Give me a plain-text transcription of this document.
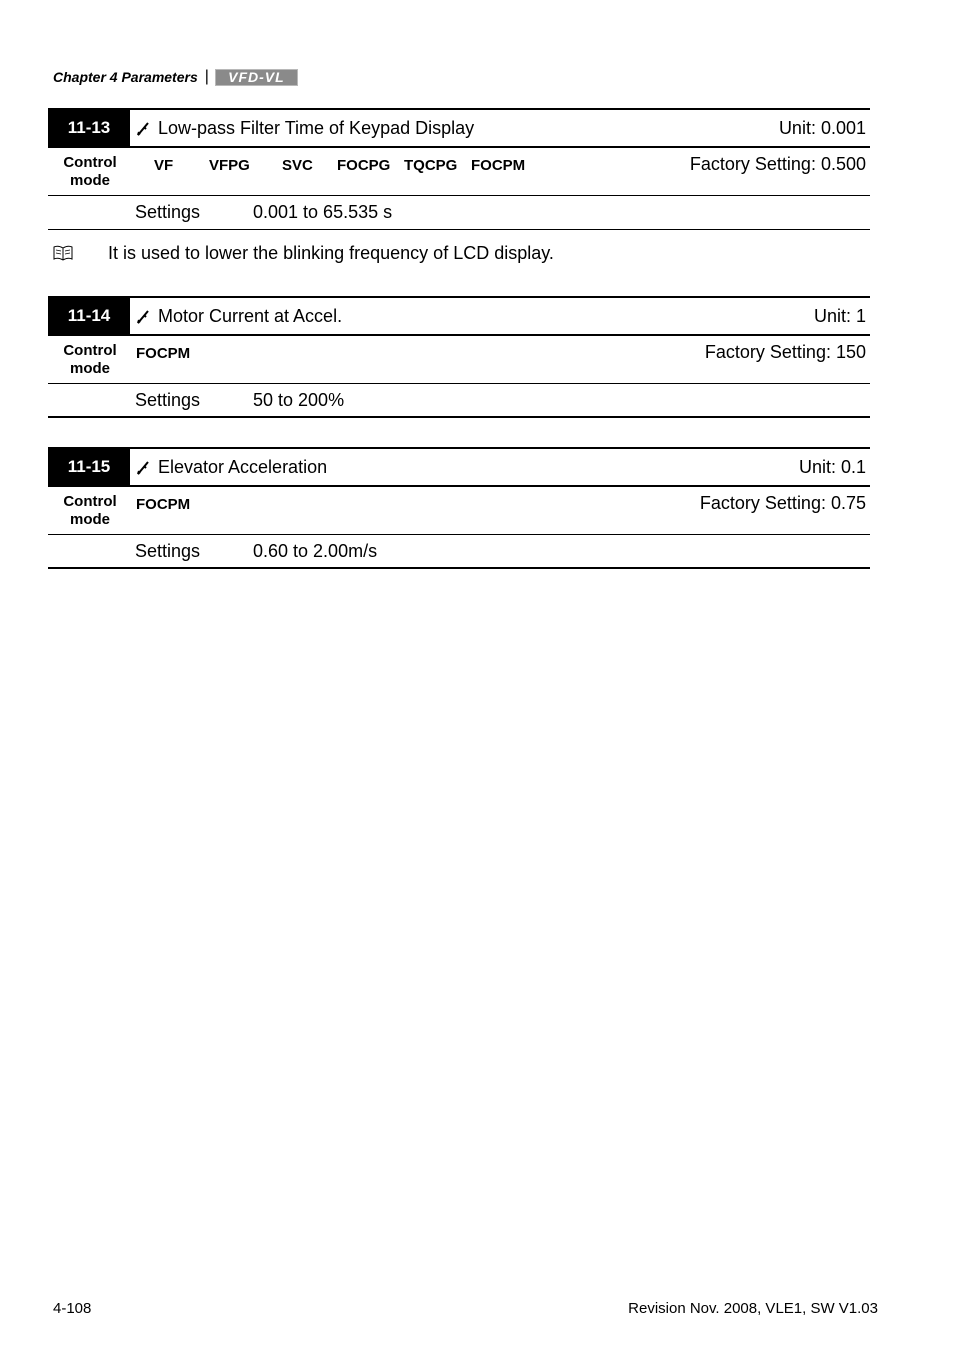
Chapter 4 Parameters |	VFD-VL
11-13	Low-pass Filter Time of Keypad Display	Unit: 0.001
Control
mode
VF VFPG SVC FOCPG TQCPG FOCPM	Factory Setting: 0.500
Settings	0.001 to 65.535 s
It is used to lower the blinking frequency of LCD display.
11-14	Motor Current at Accel.	Unit: 1
Control
mode
FOCPM	Factory Setting: 150
Settings	50 to 200%
11-15	Elevator Acceleration	Unit: 0.1
Control
mode
FOCPM	Factory Setting: 0.75
Settings	0.60 to 2.00m/s
4-108	Revision Nov. 2008, VLE1, SW V1.03
